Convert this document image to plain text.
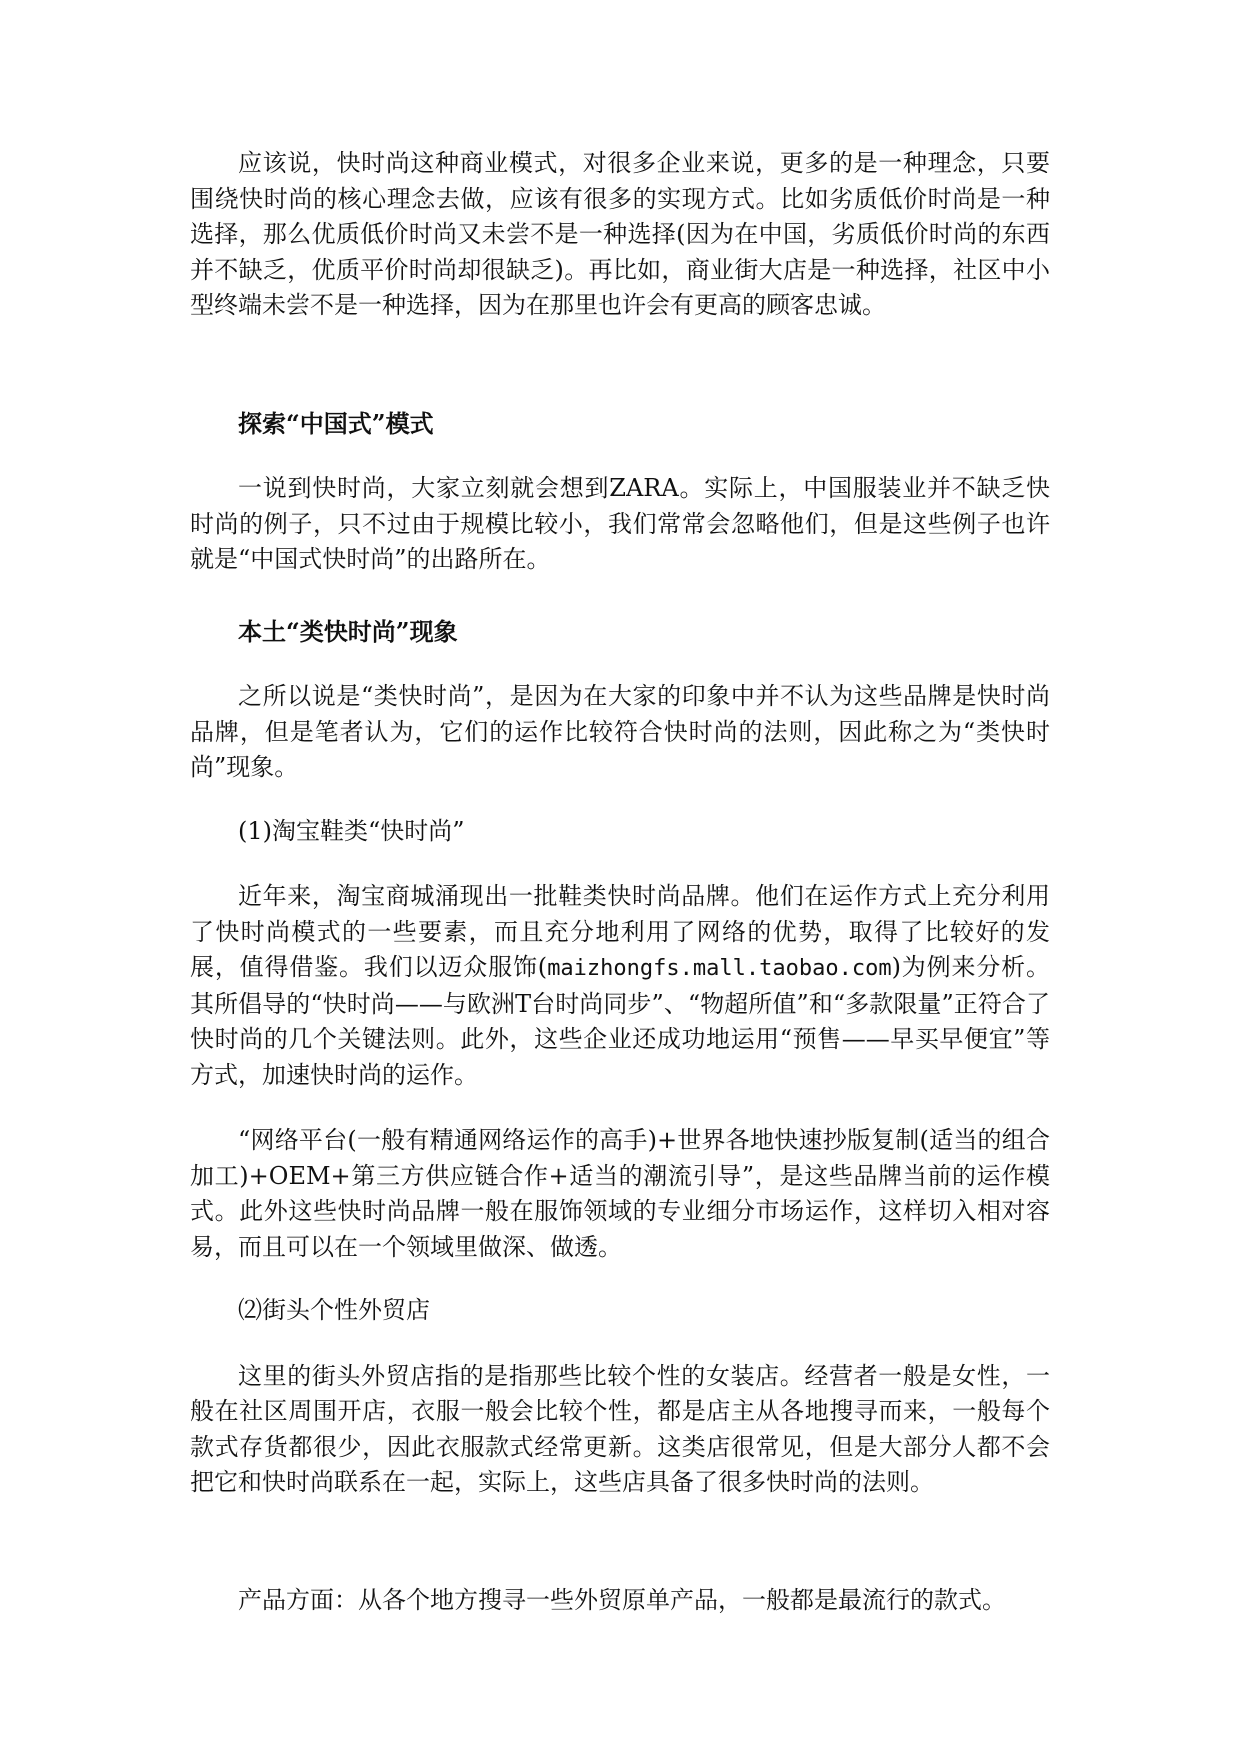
应该说，快时尚这种商业模式，对很多企业来说，更多的是一种理念，只要围绕快时尚的核心理念去做，应该有很多的实现方式。比如劣质低价时尚是一种选择，那么优质低价时尚又未尝不是一种选择(因为在中国，劣质低价时尚的东西并不缺乏，优质平价时尚却很缺乏)。再比如，商业街大店是一种选择，社区中小型终端未尝不是一种选择，因为在那里也许会有更高的顾客忠诚。

探索“中国式”模式

一说到快时尚，大家立刻就会想到ZARA。实际上，中国服装业并不缺乏快时尚的例子，只不过由于规模比较小，我们常常会忽略他们，但是这些例子也许就是“中国式快时尚”的出路所在。

本土“类快时尚”现象

之所以说是“类快时尚”，是因为在大家的印象中并不认为这些品牌是快时尚品牌，但是笔者认为，它们的运作比较符合快时尚的法则，因此称之为“类快时尚”现象。

(1)淘宝鞋类“快时尚”

近年来，淘宝商城涌现出一批鞋类快时尚品牌。他们在运作方式上充分利用了快时尚模式的一些要素，而且充分地利用了网络的优势，取得了比较好的发展，值得借鉴。我们以迈众服饰(maizhongfs.mall.taobao.com)为例来分析。其所倡导的“快时尚——与欧洲T台时尚同步”、“物超所值”和“多款限量”正符合了快时尚的几个关键法则。此外，这些企业还成功地运用“预售——早买早便宜”等方式，加速快时尚的运作。

“网络平台(一般有精通网络运作的高手)+世界各地快速抄版复制(适当的组合加工)+OEM+第三方供应链合作+适当的潮流引导”，是这些品牌当前的运作模式。此外这些快时尚品牌一般在服饰领域的专业细分市场运作，这样切入相对容易，而且可以在一个领域里做深、做透。

⑵街头个性外贸店

这里的街头外贸店指的是指那些比较个性的女装店。经营者一般是女性，一般在社区周围开店，衣服一般会比较个性，都是店主从各地搜寻而来，一般每个款式存货都很少，因此衣服款式经常更新。这类店很常见，但是大部分人都不会把它和快时尚联系在一起，实际上，这些店具备了很多快时尚的法则。

产品方面：从各个地方搜寻一些外贸原单产品，一般都是最流行的款式。
